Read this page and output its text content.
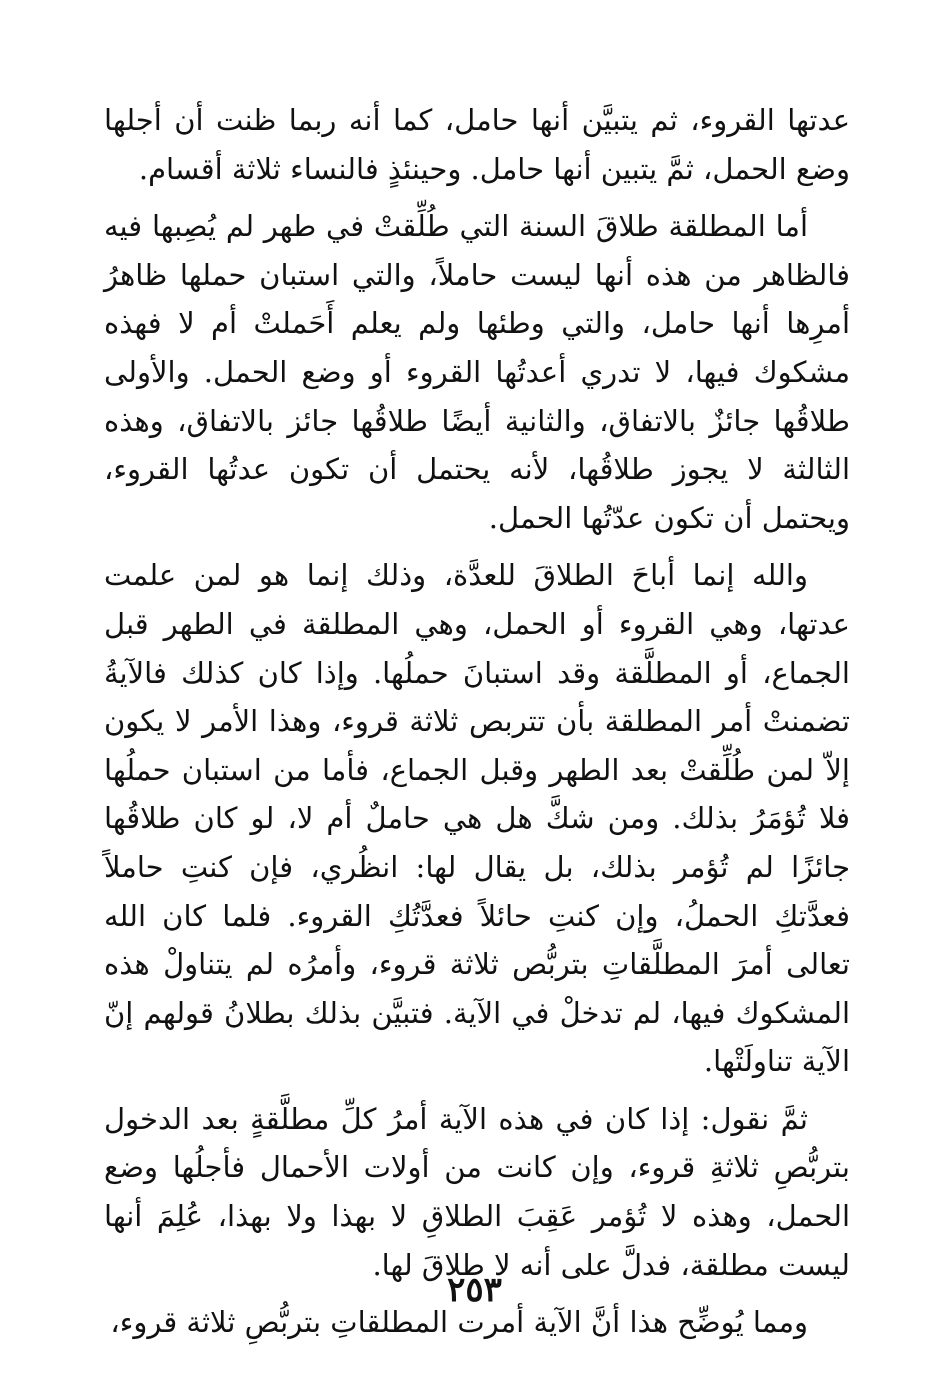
عدتها القروء، ثم يتبيَّن أنها حامل، كما أنه ربما ظنت أن أجلها وضع الحمل، ثمَّ يتبين أنها حامل. وحينئذٍ فالنساء ثلاثة أقسام.

أما المطلقة طلاقَ السنة التي طُلِّقتْ في طهر لم يُصِبها فيه فالظاهر من هذه أنها ليست حاملاً، والتي استبان حملها ظاهرُ أمرِها أنها حامل، والتي وطئها ولم يعلم أَحَملتْ أم لا فهذه مشكوك فيها، لا تدري أعدتُها القروء أو وضع الحمل. والأولى طلاقُها جائزٌ بالاتفاق، والثانية أيضًا طلاقُها جائز بالاتفاق، وهذه الثالثة لا يجوز طلاقُها، لأنه يحتمل أن تكون عدتُها القروء، ويحتمل أن تكون عدّتُها الحمل.

والله إنما أباحَ الطلاقَ للعدَّة، وذلك إنما هو لمن علمت عدتها، وهي القروء أو الحمل، وهي المطلقة في الطهر قبل الجماع، أو المطلَّقة وقد استبانَ حملُها. وإذا كان كذلك فالآيةُ تضمنتْ أمر المطلقة بأن تتربص ثلاثة قروء، وهذا الأمر لا يكون إلاّ لمن طُلِّقتْ بعد الطهر وقبل الجماع، فأما من استبان حملُها فلا تُؤمَرُ بذلك. ومن شكَّ هل هي حاملٌ أم لا، لو كان طلاقُها جائزًا لم تُؤمر بذلك، بل يقال لها: انظُري، فإن كنتِ حاملاً فعدَّتكِ الحملُ، وإن كنتِ حائلاً فعدَّتُكِ القروء. فلما كان الله تعالى أمرَ المطلَّقاتِ بتربُّص ثلاثة قروء، وأمرُه لم يتناولْ هذه المشكوك فيها، لم تدخلْ في الآية. فتبيَّن بذلك بطلانُ قولهم إنّ الآية تناولَتْها.

ثمَّ نقول: إذا كان في هذه الآية أمرُ كلِّ مطلَّقةٍ بعد الدخول بتربُّصِ ثلاثةِ قروء، وإن كانت من أولات الأحمال فأجلُها وضع الحمل، وهذه لا تُؤمر عَقِبَ الطلاقِ لا بهذا ولا بهذا، عُلِمَ أنها ليست مطلقة، فدلَّ على أنه لا طلاقَ لها.

ومما يُوضِّح هذا أنَّ الآية أمرت المطلقاتِ بتربُّصِ ثلاثة قروء،

٢٥٣
